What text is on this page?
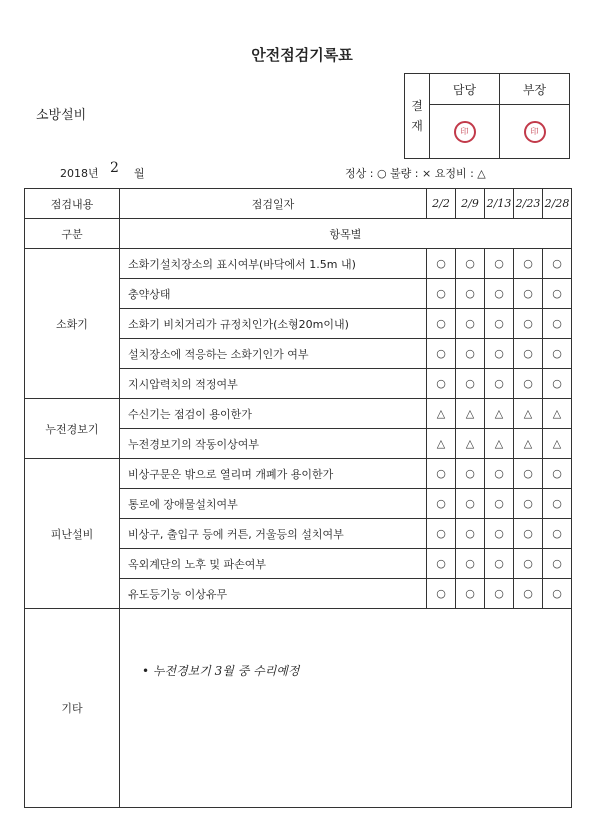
안전점검기록표
소방설비
결
재	담당	부장
	印	印
2018년 2 월	정상 : ○ 불량 : × 요정비 : △
점검내용	점검일자	2/2	2/9	2/13	2/23	2/28
구분	항목별					
소화기	소화기설치장소의 표시여부(바닥에서 1.5m 내)	○	○	○	○	○
	충약상태	○	○	○	○	○
	소화기 비치거리가 규정치인가(소형20m이내)	○	○	○	○	○
	설치장소에 적응하는 소화기인가 여부	○	○	○	○	○
	지시압력치의 적정여부	○	○	○	○	○
누전경보기	수신기는 점검이 용이한가	△	△	△	△	△
	누전경보기의 작동이상여부	△	△	△	△	△
피난설비	비상구문은 밖으로 열리며 개폐가 용이한가	○	○	○	○	○
	통로에 장애물설치여부	○	○	○	○	○
	비상구, 출입구 등에 커튼, 거울등의 설치여부	○	○	○	○	○
	옥외계단의 노후 및 파손여부	○	○	○	○	○
	유도등기능 이상유무	○	○	○	○	○
기타						
• 누전경보기 3월 중 수리예정
